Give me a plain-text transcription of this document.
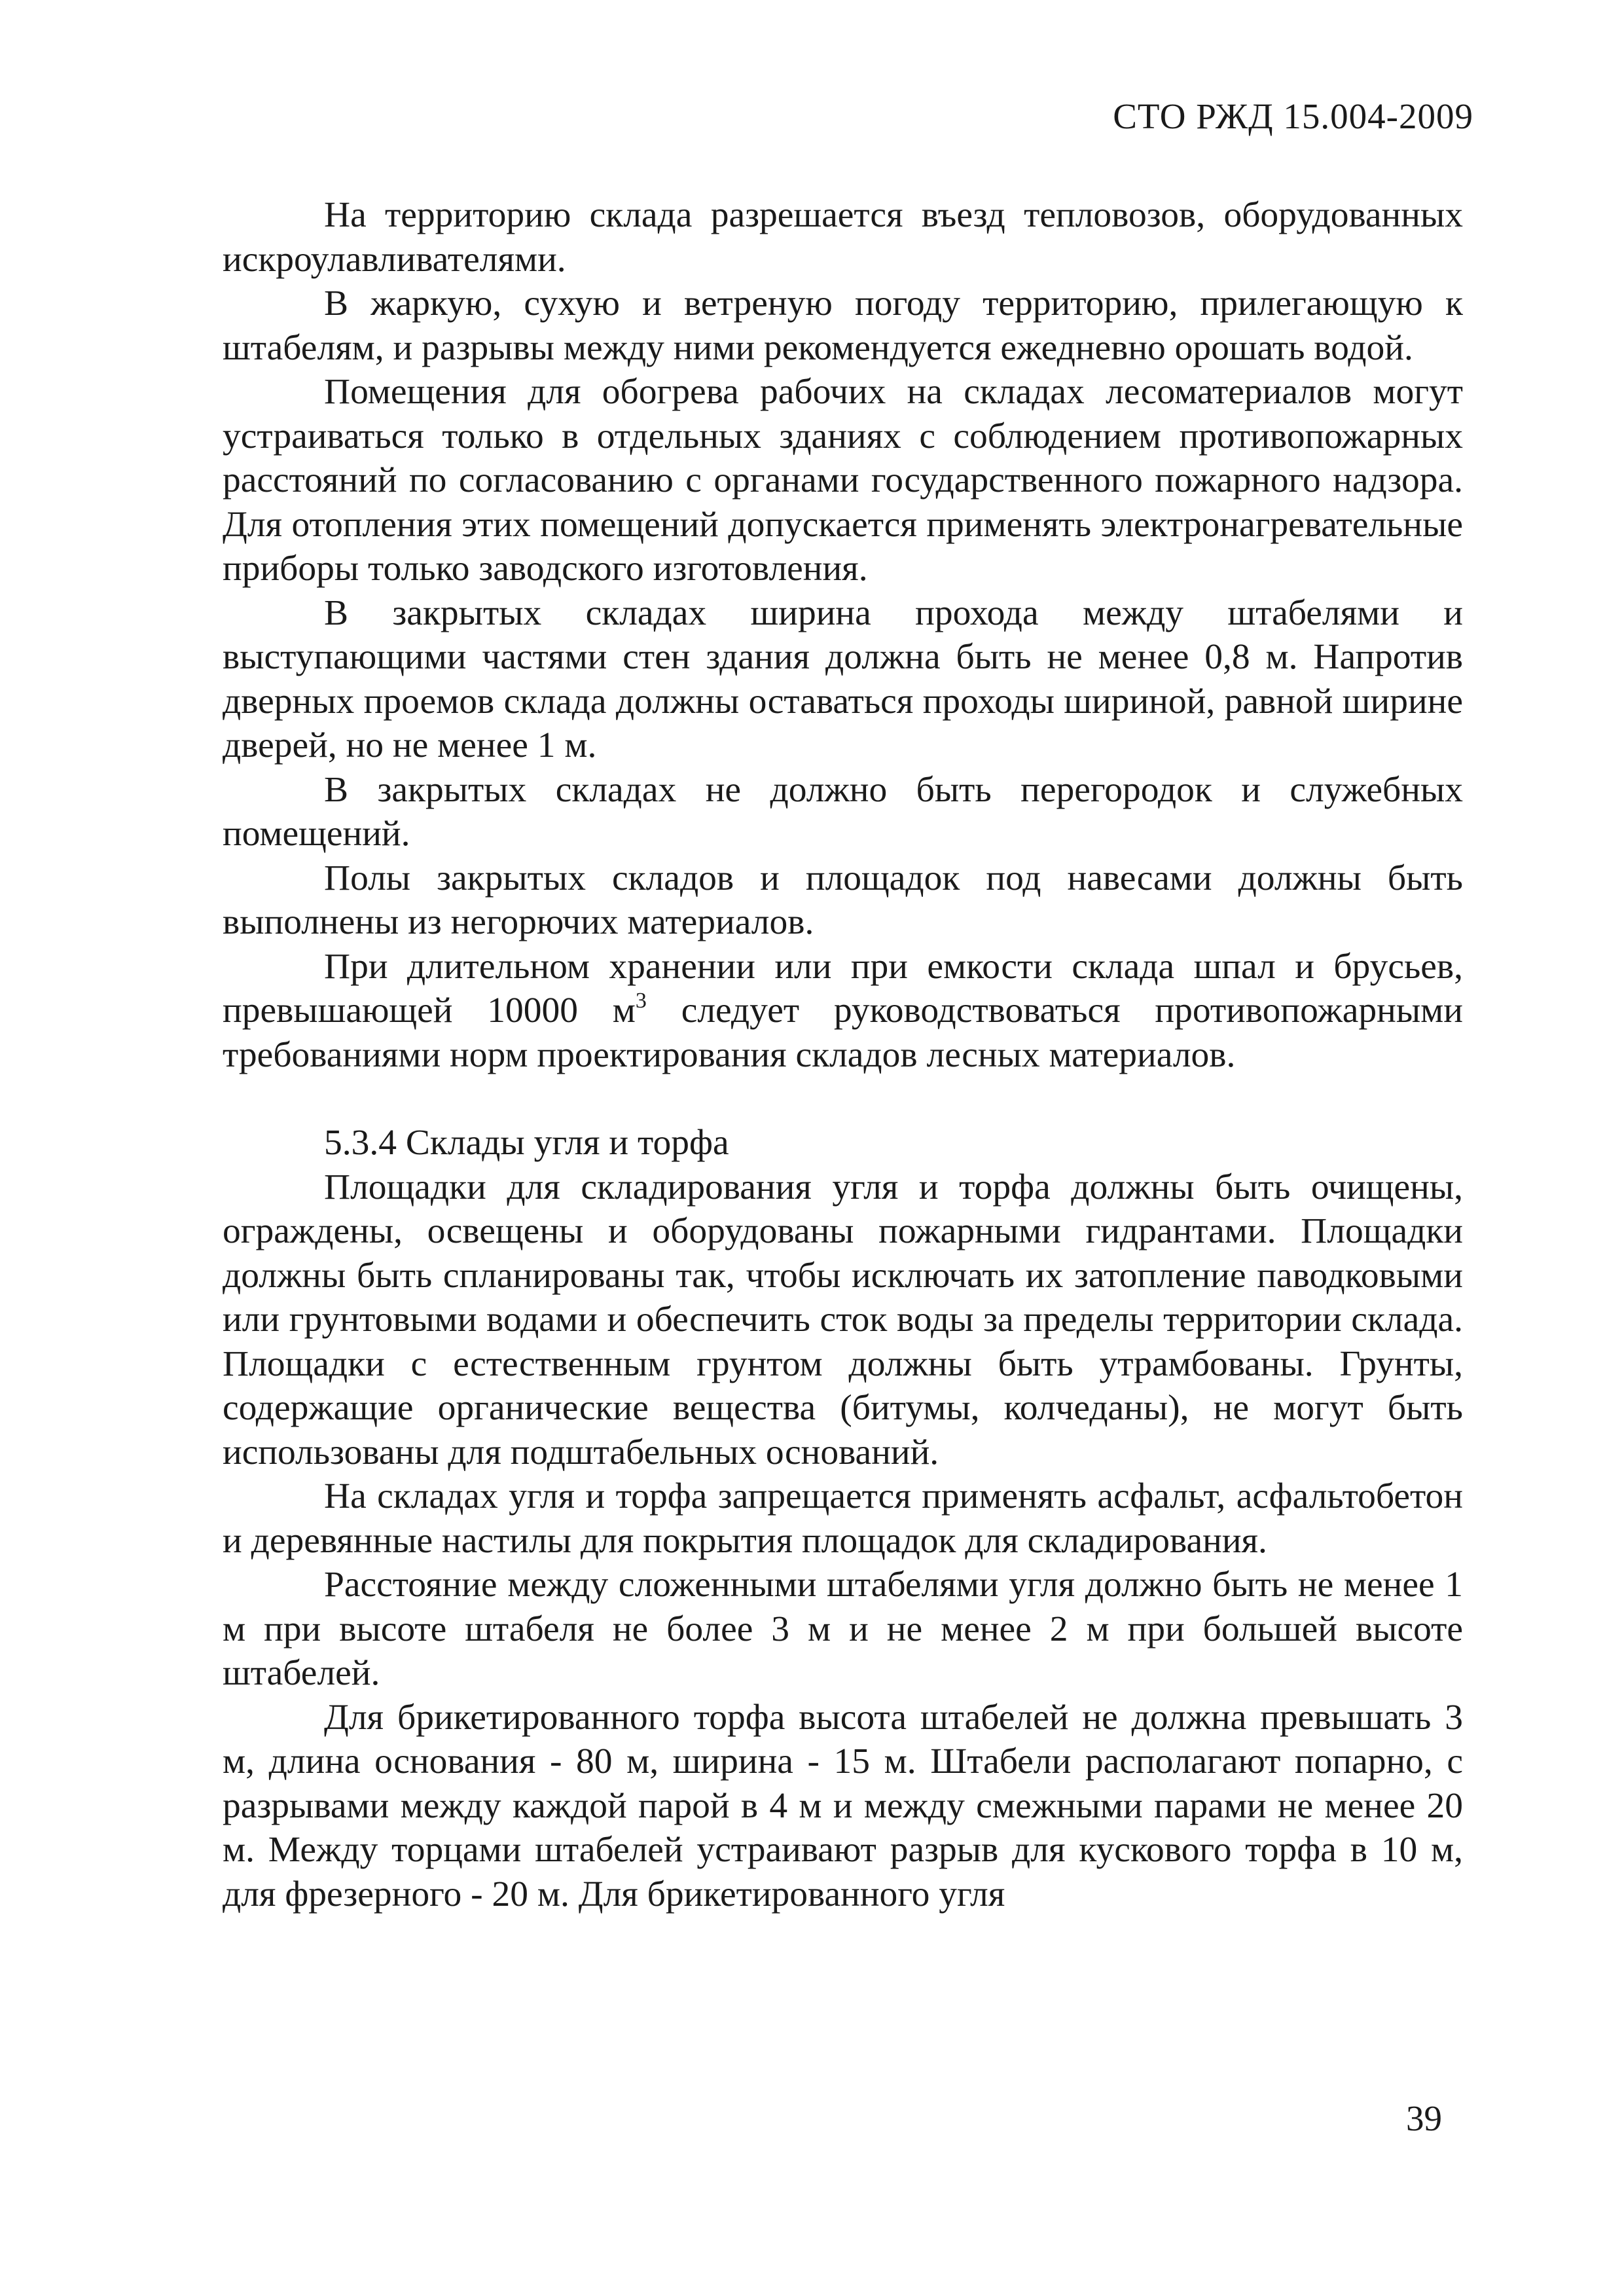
СТО РЖД 15.004-2009

На территорию склада разрешается въезд тепловозов, оборудованных искроулавливателями.

В жаркую, сухую и ветреную погоду территорию, прилегающую к штабелям, и разрывы между ними рекомендуется ежедневно орошать водой.

Помещения для обогрева рабочих на складах лесоматериалов могут устраиваться только в отдельных зданиях с соблюдением противопожарных расстояний по согласованию с органами государственного пожарного надзора. Для отопления этих помещений допускается применять электронагревательные приборы только заводского изготовления.

В закрытых складах ширина прохода между штабелями и выступающими частями стен здания должна быть не менее 0,8 м. Напротив дверных проемов склада должны оставаться проходы шириной, равной ширине дверей, но не менее 1 м.

В закрытых складах не должно быть перегородок и служебных помещений.

Полы закрытых складов и площадок под навесами должны быть выполнены из негорючих материалов.

При длительном хранении или при емкости склада шпал и брусьев, превышающей 10000 $м^3$ следует руководствоваться противопожарными требованиями норм проектирования складов лесных материалов.

5.3.4 Склады угля и торфа

Площадки для складирования угля и торфа должны быть очищены, ограждены, освещены и оборудованы пожарными гидрантами. Площадки должны быть спланированы так, чтобы исключать их затопление паводковыми или грунтовыми водами и обеспечить сток воды за пределы территории склада. Площадки с естественным грунтом должны быть утрамбованы. Грунты, содержащие органические вещества (битумы, колчеданы), не могут быть использованы для подштабельных оснований.

На складах угля и торфа запрещается применять асфальт, асфальтобетон и деревянные настилы для покрытия площадок для складирования.

Расстояние между сложенными штабелями угля должно быть не менее 1 м при высоте штабеля не более 3 м и не менее 2 м при большей высоте штабелей.

Для брикетированного торфа высота штабелей не должна превышать 3 м, длина основания - 80 м, ширина - 15 м. Штабели располагают попарно, с разрывами между каждой парой в 4 м и между смежными парами не менее 20 м. Между торцами штабелей устраивают разрыв для кускового торфа в 10 м, для фрезерного - 20 м. Для брикетированного угля

39
